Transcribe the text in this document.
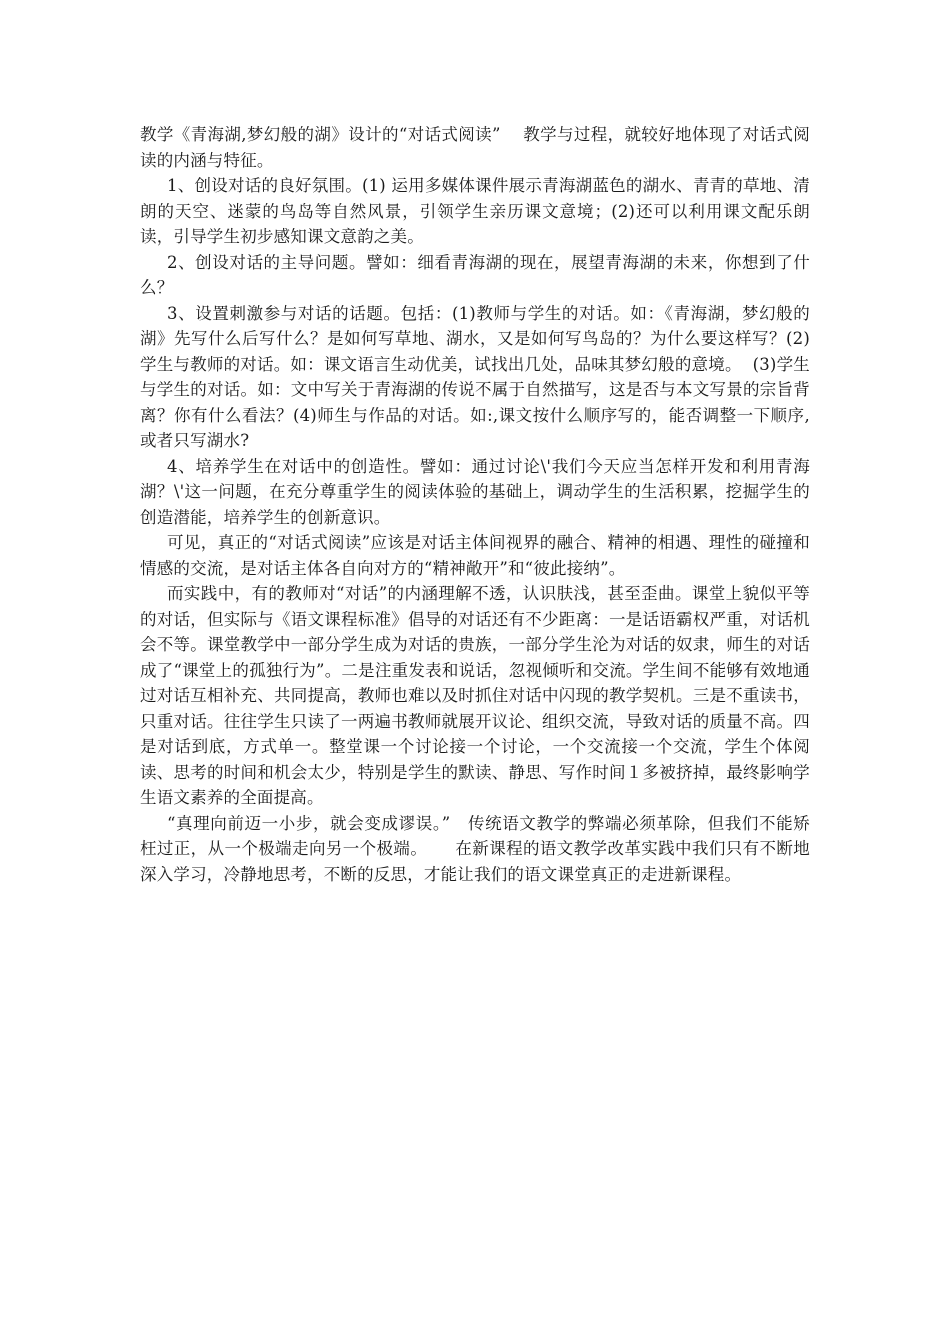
教学《青海湖,梦幻般的湖》设计的“对话式阅读”    教学与过程，就较好地体现了对话式阅读的内涵与特征。

1、创设对话的良好氛围。(1) 运用多媒体课件展示青海湖蓝色的湖水、青青的草地、清朗的天空、迷蒙的鸟岛等自然风景，引领学生亲历课文意境；(2)还可以利用课文配乐朗读，引导学生初步感知课文意韵之美。

2、创设对话的主导问题。譬如：细看青海湖的现在，展望青海湖的未来，你想到了什么？

3、设置刺激参与对话的话题。包括：(1)教师与学生的对话。如：《青海湖，梦幻般的湖》先写什么后写什么？是如何写草地、湖水，又是如何写鸟岛的？为什么要这样写？(2)学生与教师的对话。如：课文语言生动优美，试找出几处，品味其梦幻般的意境。  (3)学生与学生的对话。如：文中写关于青海湖的传说不属于自然描写，这是否与本文写景的宗旨背离？你有什么看法？(4)师生与作品的对话。如:,课文按什么顺序写的，能否调整一下顺序,或者只写湖水?

4、培养学生在对话中的创造性。譬如：通过讨论\'我们今天应当怎样开发和利用青海湖？\'这一问题，在充分尊重学生的阅读体验的基础上，调动学生的生活积累，挖掘学生的创造潜能，培养学生的创新意识。

可见，真正的“对话式阅读”应该是对话主体间视界的融合、精神的相遇、理性的碰撞和情感的交流，是对话主体各自向对方的“精神敞开”和“彼此接纳”。

而实践中，有的教师对“对话”的内涵理解不透，认识肤浅，甚至歪曲。课堂上貌似平等的对话，但实际与《语文课程标准》倡导的对话还有不少距离：一是话语霸权严重，对话机会不等。课堂教学中一部分学生成为对话的贵族，一部分学生沦为对话的奴隶，师生的对话成了“课堂上的孤独行为”。二是注重发表和说话，忽视倾听和交流。学生间不能够有效地通过对话互相补充、共同提高，教师也难以及时抓住对话中闪现的教学契机。三是不重读书，只重对话。往往学生只读了一两遍书教师就展开议论、组织交流，导致对话的质量不高。四是对话到底，方式单一。整堂课一个讨论接一个讨论，一个交流接一个交流，学生个体阅读、思考的时间和机会太少，特别是学生的默读、静思、写作时间１多被挤掉，最终影响学生语文素养的全面提高。

“真理向前迈一小步，就会变成谬误。”   传统语文教学的弊端必须革除，但我们不能矫枉过正，从一个极端走向另一个极端。     在新课程的语文教学改革实践中我们只有不断地深入学习，冷静地思考，不断的反思，才能让我们的语文课堂真正的走进新课程。
